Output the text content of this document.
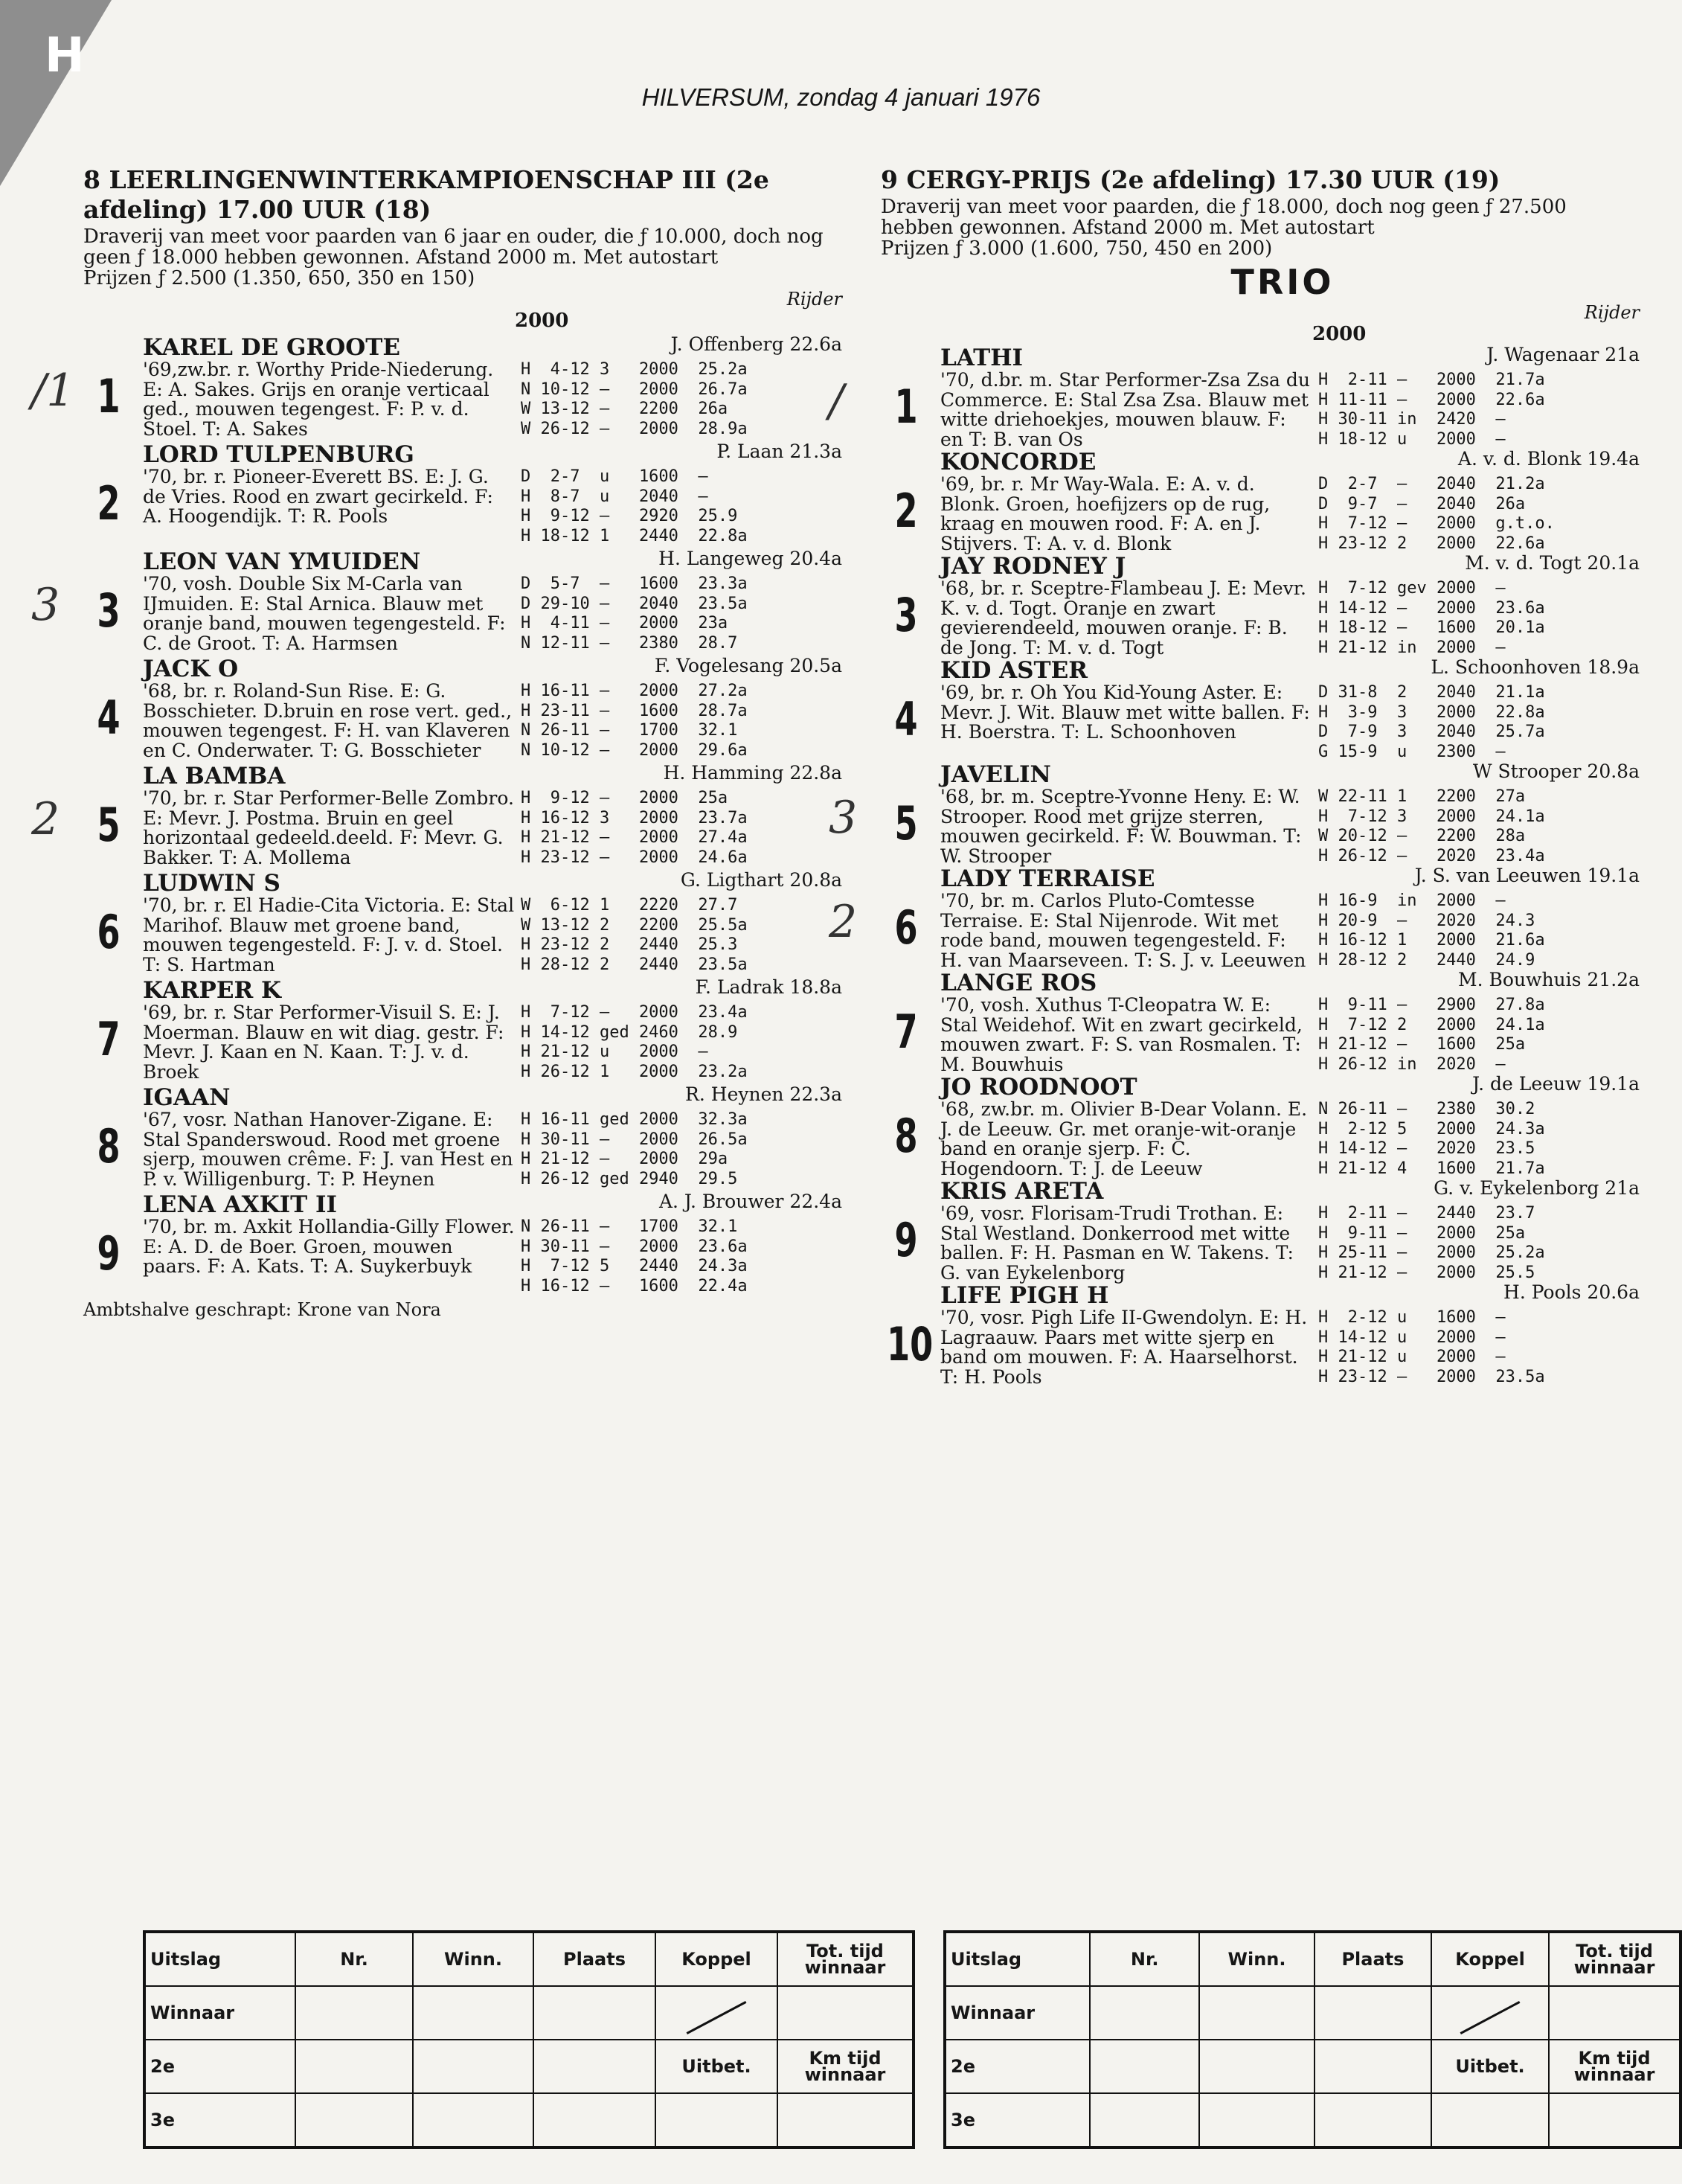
H
HILVERSUM, zondag 4 januari 1976
8 LEERLINGENWINTERKAMPIOENSCHAP III (2e afdeling) 17.00 UUR (18)
Draverij van meet voor paarden van 6 jaar en ouder, die ƒ 10.000, doch nog geen ƒ 18.000 hebben gewonnen. Afstand 2000 m. Met autostart
Prijzen ƒ 2.500 (1.350, 650, 350 en 150)
Rijder
2000
1
/1
KAREL DE GROOTE	J. Offenberg 22.6a
'69,zw.br. r. Worthy Pride-Niederung. E: A. Sakes. Grijs en oranje verticaal ged., mouwen tegengest. F: P. v. d. Stoel. T: A. Sakes
H  4-12 3   2000  25.2a
N 10-12 —   2000  26.7a
W 13-12 —   2200  26a
W 26-12 —   2000  28.9a
2
LORD TULPENBURG	P. Laan 21.3a
'70, br. r. Pioneer-Everett BS. E: J. G. de Vries. Rood en zwart gecirkeld. F: A. Hoogendijk. T: R. Pools
D  2-7  u   1600  —
H  8-7  u   2040  —
H  9-12 —   2920  25.9
H 18-12 1   2440  22.8a
3
3
LEON VAN YMUIDEN	H. Langeweg 20.4a
'70, vosh. Double Six M-Carla van IJmuiden. E: Stal Arnica. Blauw met oranje band, mouwen tegengesteld. F: C. de Groot. T: A. Harmsen
D  5-7  —   1600  23.3a
D 29-10 —   2040  23.5a
H  4-11 —   2000  23a
N 12-11 —   2380  28.7
4
JACK O	F. Vogelesang 20.5a
'68, br. r. Roland-Sun Rise. E: G. Bosschieter. D.bruin en rose vert. ged., mouwen tegengest. F: H. van Klaveren en C. Onderwater. T: G. Bosschieter
H 16-11 —   2000  27.2a
H 23-11 —   1600  28.7a
N 26-11 —   1700  32.1
N 10-12 —   2000  29.6a
5
2
LA BAMBA	H. Hamming 22.8a
'70, br. r. Star Performer-Belle Zombro. E: Mevr. J. Postma. Bruin en geel horizontaal gedeeld.deeld. F: Mevr. G. Bakker. T: A. Mollema
H  9-12 —   2000  25a
H 16-12 3   2000  23.7a
H 21-12 —   2000  27.4a
H 23-12 —   2000  24.6a
6
LUDWIN S	G. Ligthart 20.8a
'70, br. r. El Hadie-Cita Victoria. E: Stal Marihof. Blauw met groene band, mouwen tegengesteld. F: J. v. d. Stoel. T: S. Hartman
W  6-12 1   2220  27.7
W 13-12 2   2200  25.5a
H 23-12 2   2440  25.3
H 28-12 2   2440  23.5a
7
KARPER K	F. Ladrak 18.8a
'69, br. r. Star Performer-Visuil S. E: J. Moerman. Blauw en wit diag. gestr. F: Mevr. J. Kaan en N. Kaan. T: J. v. d. Broek
H  7-12 —   2000  23.4a
H 14-12 ged 2460  28.9
H 21-12 u   2000  —
H 26-12 1   2000  23.2a
8
IGAAN	R. Heynen 22.3a
'67, vosr. Nathan Hanover-Zigane. E: Stal Spanderswoud. Rood met groene sjerp, mouwen crême. F: J. van Hest en P. v. Willigenburg. T: P. Heynen
H 16-11 ged 2000  32.3a
H 30-11 —   2000  26.5a
H 21-12 —   2000  29a
H 26-12 ged 2940  29.5
9
LENA AXKIT II	A. J. Brouwer 22.4a
'70, br. m. Axkit Hollandia-Gilly Flower. E: A. D. de Boer. Groen, mouwen paars. F: A. Kats. T: A. Suykerbuyk
N 26-11 —   1700  32.1
H 30-11 —   2000  23.6a
H  7-12 5   2440  24.3a
H 16-12 —   1600  22.4a
Ambtshalve geschrapt: Krone van Nora
9 CERGY-PRIJS (2e afdeling) 17.30 UUR (19)
Draverij van meet voor paarden, die ƒ 18.000, doch nog geen ƒ 27.500 hebben gewonnen. Afstand 2000 m. Met autostart
Prijzen ƒ 3.000 (1.600, 750, 450 en 200)
TRIO
Rijder
2000
1
/
LATHI	J. Wagenaar 21a
'70, d.br. m. Star Performer-Zsa Zsa du Commerce. E: Stal Zsa Zsa. Blauw met witte driehoekjes, mouwen blauw. F: en T: B. van Os
H  2-11 —   2000  21.7a
H 11-11 —   2000  22.6a
H 30-11 in  2420  —
H 18-12 u   2000  —
2
KONCORDE	A. v. d. Blonk 19.4a
'69, br. r. Mr Way-Wala. E: A. v. d. Blonk. Groen, hoefijzers op de rug, kraag en mouwen rood. F: A. en J. Stijvers. T: A. v. d. Blonk
D  2-7  —   2040  21.2a
D  9-7  —   2040  26a
H  7-12 —   2000  g.t.o.
H 23-12 2   2000  22.6a
3
JAY RODNEY J	M. v. d. Togt 20.1a
'68, br. r. Sceptre-Flambeau J. E: Mevr. K. v. d. Togt. Oranje en zwart gevierendeeld, mouwen oranje. F: B. de Jong. T: M. v. d. Togt
H  7-12 gev 2000  —
H 14-12 —   2000  23.6a
H 18-12 —   1600  20.1a
H 21-12 in  2000  —
4
KID ASTER	L. Schoonhoven 18.9a
'69, br. r. Oh You Kid-Young Aster. E: Mevr. J. Wit. Blauw met witte ballen. F: H. Boerstra. T: L. Schoonhoven
D 31-8  2   2040  21.1a
H  3-9  3   2000  22.8a
D  7-9  3   2040  25.7a
G 15-9  u   2300  —
5
3
JAVELIN	W Strooper 20.8a
'68, br. m. Sceptre-Yvonne Heny. E: W. Strooper. Rood met grijze sterren, mouwen gecirkeld. F: W. Bouwman. T: W. Strooper
W 22-11 1   2200  27a
H  7-12 3   2000  24.1a
W 20-12 —   2200  28a
H 26-12 —   2020  23.4a
6
2
LADY TERRAISE	J. S. van Leeuwen 19.1a
'70, br. m. Carlos Pluto-Comtesse Terraise. E: Stal Nijenrode. Wit met rode band, mouwen tegengesteld. F: H. van Maarseveen. T: S. J. v. Leeuwen
H 16-9  in  2000  —
H 20-9  —   2020  24.3
H 16-12 1   2000  21.6a
H 28-12 2   2440  24.9
7
LANGE ROS	M. Bouwhuis 21.2a
'70, vosh. Xuthus T-Cleopatra W. E: Stal Weidehof. Wit en zwart gecirkeld, mouwen zwart. F: S. van Rosmalen. T: M. Bouwhuis
H  9-11 —   2900  27.8a
H  7-12 2   2000  24.1a
H 21-12 —   1600  25a
H 26-12 in  2020  —
8
JO ROODNOOT	J. de Leeuw 19.1a
'68, zw.br. m. Olivier B-Dear Volann. E. J. de Leeuw. Gr. met oranje-wit-oranje band en oranje sjerp. F: C. Hogendoorn. T: J. de Leeuw
N 26-11 —   2380  30.2
H  2-12 5   2000  24.3a
H 14-12 —   2020  23.5
H 21-12 4   1600  21.7a
9
KRIS ARETA	G. v. Eykelenborg 21a
'69, vosr. Florisam-Trudi Trothan. E: Stal Westland. Donkerrood met witte ballen. F: H. Pasman en W. Takens. T: G. van Eykelenborg
H  2-11 —   2440  23.7
H  9-11 —   2000  25a
H 25-11 —   2000  25.2a
H 21-12 —   2000  25.5
10
LIFE PIGH H	H. Pools 20.6a
'70, vosr. Pigh Life II-Gwendolyn. E: H. Lagraauw. Paars met witte sjerp en band om mouwen. F: A. Haarselhorst. T: H. Pools
H  2-12 u   1600  —
H 14-12 u   2000  —
H 21-12 u   2000  —
H 23-12 —   2000  23.5a
Uitslag	Nr.	Winn.	Plaats	Koppel	Tot. tijd winnaar
Winnaar					
2e				Uitbet.	Km tijd winnaar
3e					
Uitslag	Nr.	Winn.	Plaats	Koppel	Tot. tijd winnaar
Winnaar					
2e				Uitbet.	Km tijd winnaar
3e					
